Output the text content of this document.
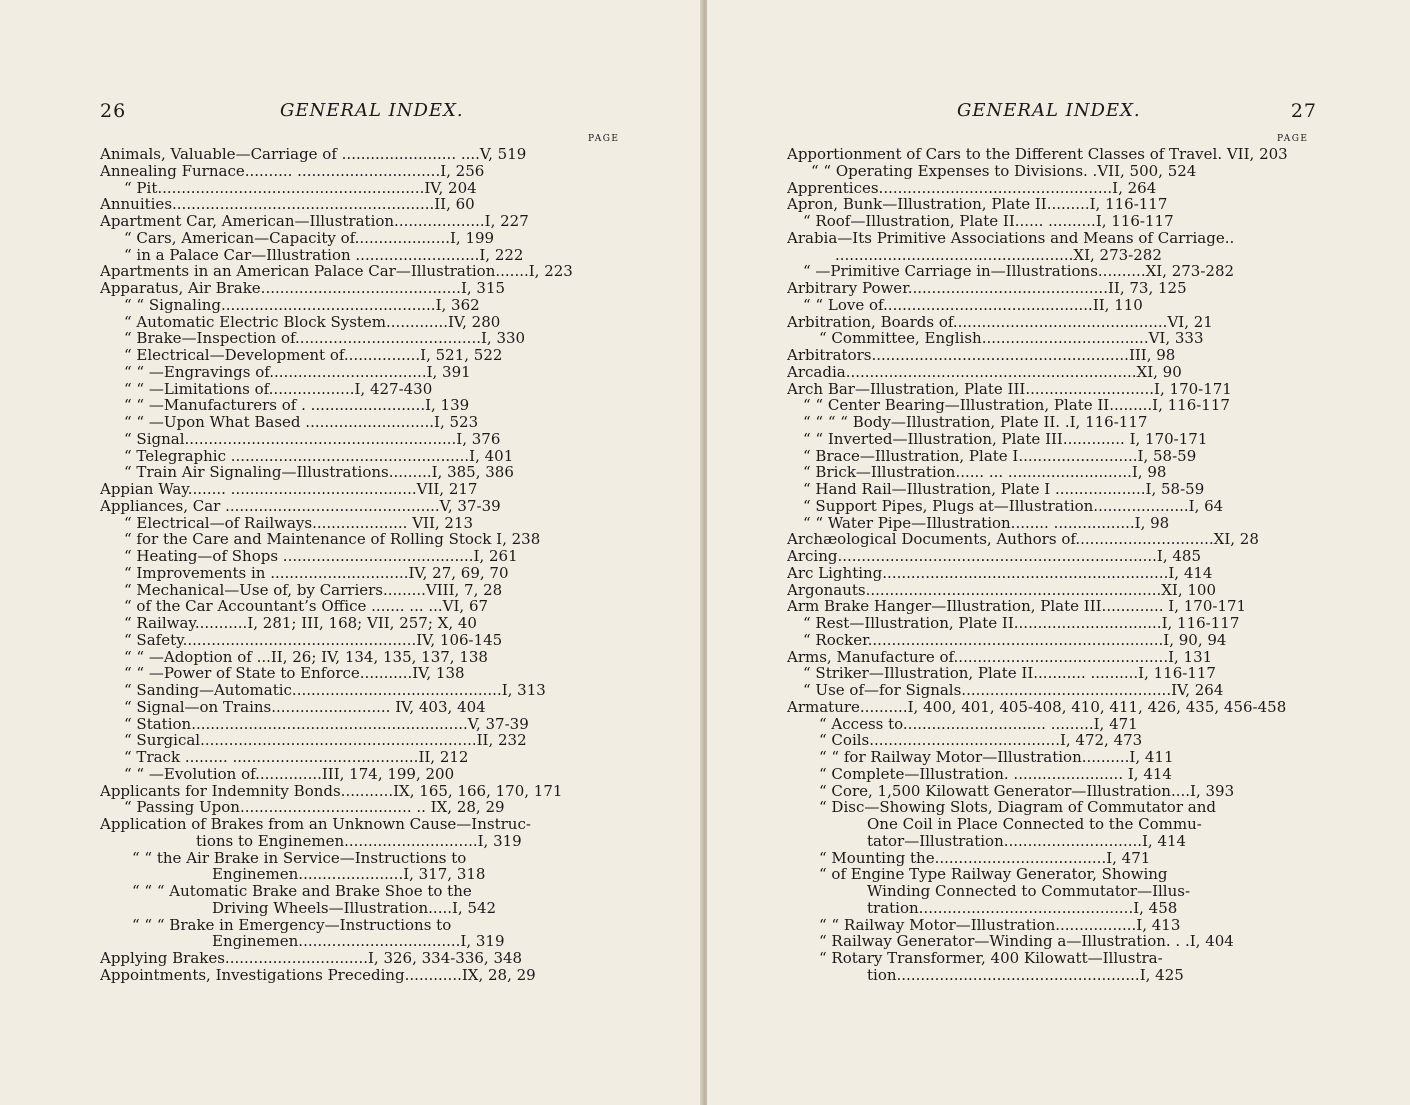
26	GENERAL INDEX.
PAGE
Animals, Valuable—Carriage of ........................ ....V, 519
Annealing Furnace.......... ..............................I, 256
“ Pit........................................................IV, 204
Annuities.......................................................II, 60
Apartment Car, American—Illustration...................I, 227
“ Cars, American—Capacity of....................I, 199
“ in a Palace Car—Illustration ..........................I, 222
Apartments in an American Palace Car—Illustration.......I, 223
Apparatus, Air Brake..........................................I, 315
“ “ Signaling.............................................I, 362
“ Automatic Electric Block System.............IV, 280
“ Brake—Inspection of.......................................I, 330
“ Electrical—Development of................I, 521, 522
“ “ —Engravings of.................................I, 391
“ “ —Limitations of..................I, 427-430
“ “ —Manufacturers of . ........................I, 139
“ “ —Upon What Based ...........................I, 523
“ Signal.........................................................I, 376
“ Telegraphic ..................................................I, 401
“ Train Air Signaling—Illustrations.........I, 385, 386
Appian Way........ .......................................VII, 217
Appliances, Car .............................................V, 37-39
“ Electrical—of Railways.................... VII, 213
“ for the Care and Maintenance of Rolling Stock I, 238
“ Heating—of Shops ........................................I, 261
“ Improvements in .............................IV, 27, 69, 70
“ Mechanical—Use of, by Carriers.........VIII, 7, 28
“ of the Car Accountant’s Office ....... ... ...VI, 67
“ Railway...........I, 281; III, 168; VII, 257; X, 40
“ Safety.................................................IV, 106-145
“ “ —Adoption of ...II, 26; IV, 134, 135, 137, 138
“ “ —Power of State to Enforce...........IV, 138
“ Sanding—Automatic............................................I, 313
“ Signal—on Trains......................... IV, 403, 404
“ Station..........................................................V, 37-39
“ Surgical..........................................................II, 232
“ Track ......... .......................................II, 212
“ “ —Evolution of..............III, 174, 199, 200
Applicants for Indemnity Bonds...........IX, 165, 166, 170, 171
“ Passing Upon.................................... .. IX, 28, 29
Application of Brakes from an Unknown Cause—Instruc-
tions to Enginemen............................I, 319
“ “ the Air Brake in Service—Instructions to
Enginemen......................I, 317, 318
“ “ “ Automatic Brake and Brake Shoe to the
Driving Wheels—Illustration.....I, 542
“ “ “ Brake in Emergency—Instructions to
Enginemen..................................I, 319
Applying Brakes..............................I, 326, 334-336, 348
Appointments, Investigations Preceding............IX, 28, 29
GENERAL INDEX.	27
PAGE
Apportionment of Cars to the Different Classes of Travel. VII, 203
“ “ Operating Expenses to Divisions. .VII, 500, 524
Apprentices.................................................I, 264
Apron, Bunk—Illustration, Plate II.........I, 116-117
“ Roof—Illustration, Plate II...... ..........I, 116-117
Arabia—Its Primitive Associations and Means of Carriage..
..................................................XI, 273-282
“ —Primitive Carriage in—Illustrations..........XI, 273-282
Arbitrary Power..........................................II, 73, 125
“ “ Love of............................................II, 110
Arbitration, Boards of.............................................VI, 21
“ Committee, English...................................VI, 333
Arbitrators......................................................III, 98
Arcadia.............................................................XI, 90
Arch Bar—Illustration, Plate III...........................I, 170-171
“ “ Center Bearing—Illustration, Plate II.........I, 116-117
“ “ “ “ Body—Illustration, Plate II. .I, 116-117
“ “ Inverted—Illustration, Plate III............. I, 170-171
“ Brace—Illustration, Plate I.........................I, 58-59
“ Brick—Illustration...... ... ..........................I, 98
“ Hand Rail—Illustration, Plate I ...................I, 58-59
“ Support Pipes, Plugs at—Illustration....................I, 64
“ “ Water Pipe—Illustration........ .................I, 98
Archæological Documents, Authors of.............................XI, 28
Arcing...................................................................I, 485
Arc Lighting............................................................I, 414
Argonauts..............................................................XI, 100
Arm Brake Hanger—Illustration, Plate III............. I, 170-171
“ Rest—Illustration, Plate II...............................I, 116-117
“ Rocker..............................................................I, 90, 94
Arms, Manufacture of.............................................I, 131
“ Striker—Illustration, Plate II........... ..........I, 116-117
“ Use of—for Signals............................................IV, 264
Armature..........I, 400, 401, 405-408, 410, 411, 426, 435, 456-458
“ Access to.............................. .........I, 471
“ Coils........................................I, 472, 473
“ “ for Railway Motor—Illustration..........I, 411
“ Complete—Illustration. ....................... I, 414
“ Core, 1,500 Kilowatt Generator—Illustration....I, 393
“ Disc—Showing Slots, Diagram of Commutator and
One Coil in Place Connected to the Commu-
tator—Illustration.............................I, 414
“ Mounting the....................................I, 471
“ of Engine Type Railway Generator, Showing
Winding Connected to Commutator—Illus-
tration.............................................I, 458
“ “ Railway Motor—Illustration.................I, 413
“ Railway Generator—Winding a—Illustration. . .I, 404
“ Rotary Transformer, 400 Kilowatt—Illustra-
tion...................................................I, 425
